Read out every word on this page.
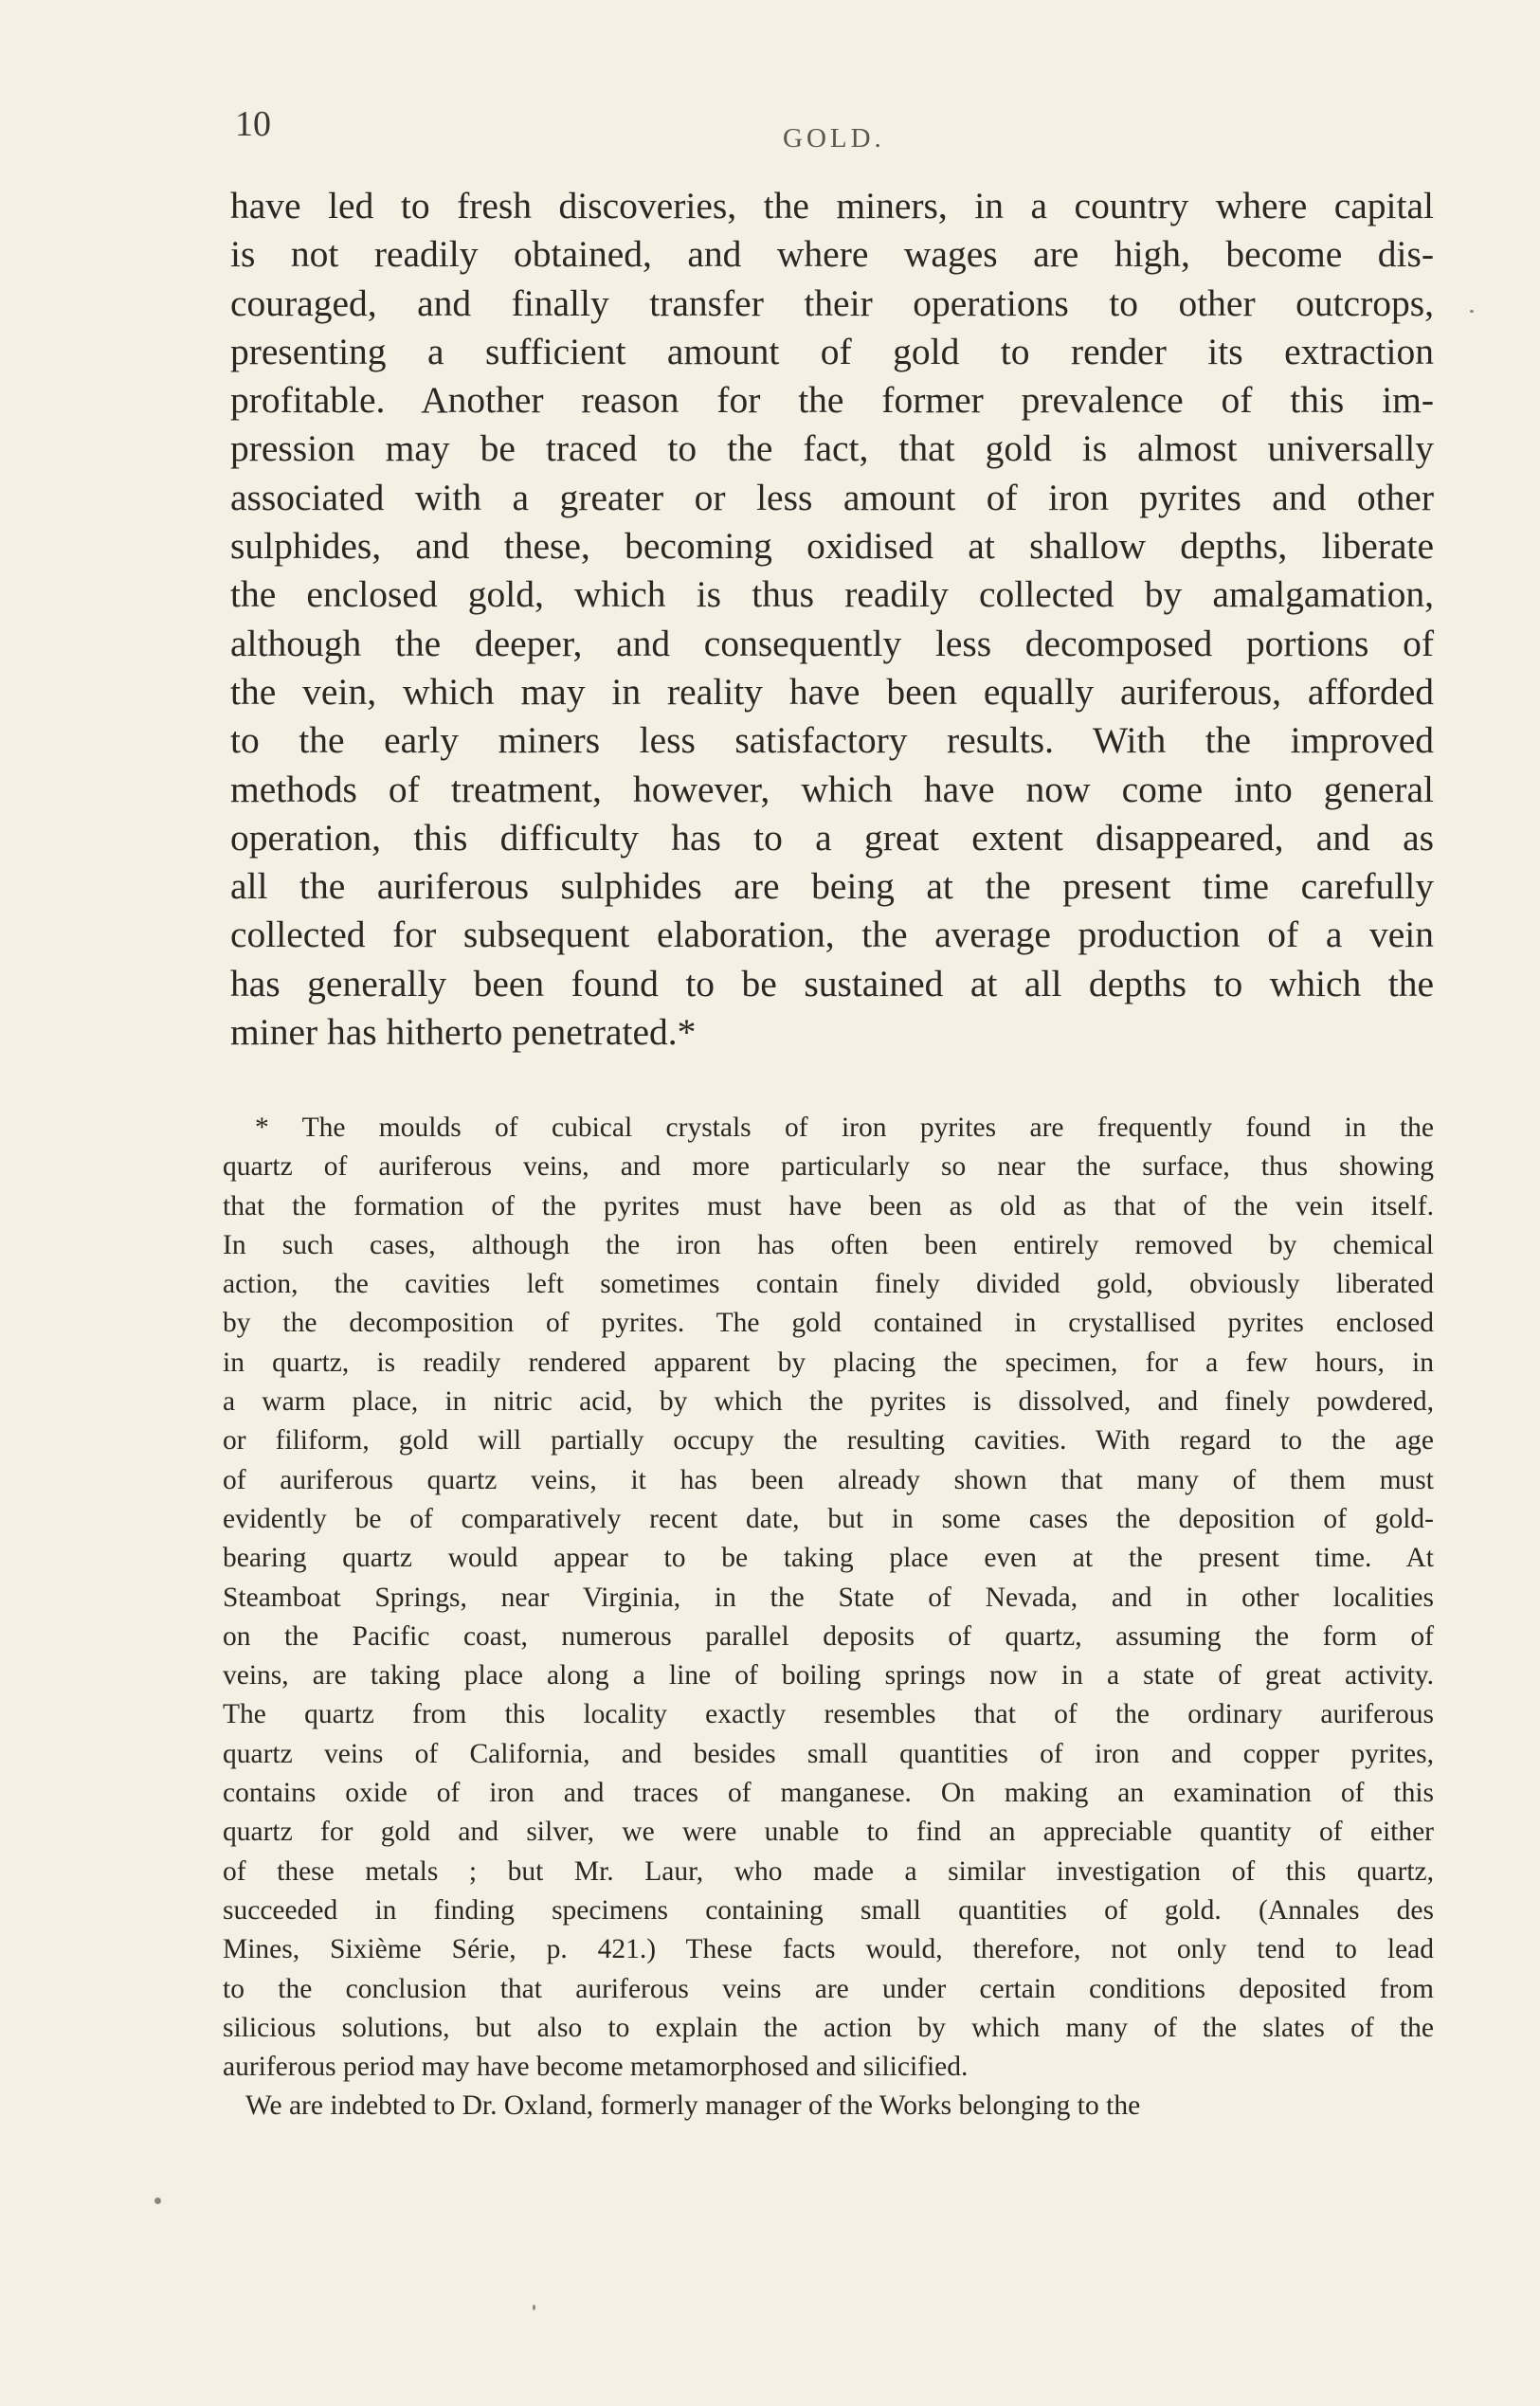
10	GOLD.
have led to fresh discoveries, the miners, in a country where capital
is not readily obtained, and where wages are high, become dis-
couraged, and finally transfer their operations to other outcrops,
presenting a sufficient amount of gold to render its extraction
profitable. Another reason for the former prevalence of this im-
pression may be traced to the fact, that gold is almost universally
associated with a greater or less amount of iron pyrites and other
sulphides, and these, becoming oxidised at shallow depths, liberate
the enclosed gold, which is thus readily collected by amalgamation,
although the deeper, and consequently less decomposed portions of
the vein, which may in reality have been equally auriferous, afforded
to the early miners less satisfactory results. With the improved
methods of treatment, however, which have now come into general
operation, this difficulty has to a great extent disappeared, and as
all the auriferous sulphides are being at the present time carefully
collected for subsequent elaboration, the average production of a vein
has generally been found to be sustained at all depths to which the
miner has hitherto penetrated.*
* The moulds of cubical crystals of iron pyrites are frequently found in the
quartz of auriferous veins, and more particularly so near the surface, thus showing
that the formation of the pyrites must have been as old as that of the vein itself.
In such cases, although the iron has often been entirely removed by chemical
action, the cavities left sometimes contain finely divided gold, obviously liberated
by the decomposition of pyrites. The gold contained in crystallised pyrites enclosed
in quartz, is readily rendered apparent by placing the specimen, for a few hours, in
a warm place, in nitric acid, by which the pyrites is dissolved, and finely powdered,
or filiform, gold will partially occupy the resulting cavities. With regard to the age
of auriferous quartz veins, it has been already shown that many of them must
evidently be of comparatively recent date, but in some cases the deposition of gold-
bearing quartz would appear to be taking place even at the present time. At
Steamboat Springs, near Virginia, in the State of Nevada, and in other localities
on the Pacific coast, numerous parallel deposits of quartz, assuming the form of
veins, are taking place along a line of boiling springs now in a state of great activity.
The quartz from this locality exactly resembles that of the ordinary auriferous
quartz veins of California, and besides small quantities of iron and copper pyrites,
contains oxide of iron and traces of manganese. On making an examination of this
quartz for gold and silver, we were unable to find an appreciable quantity of either
of these metals ; but Mr. Laur, who made a similar investigation of this quartz,
succeeded in finding specimens containing small quantities of gold. (Annales des
Mines, Sixième Série, p. 421.) These facts would, therefore, not only tend to lead
to the conclusion that auriferous veins are under certain conditions deposited from
silicious solutions, but also to explain the action by which many of the slates of the
auriferous period may have become metamorphosed and silicified.
We are indebted to Dr. Oxland, formerly manager of the Works belonging to the
